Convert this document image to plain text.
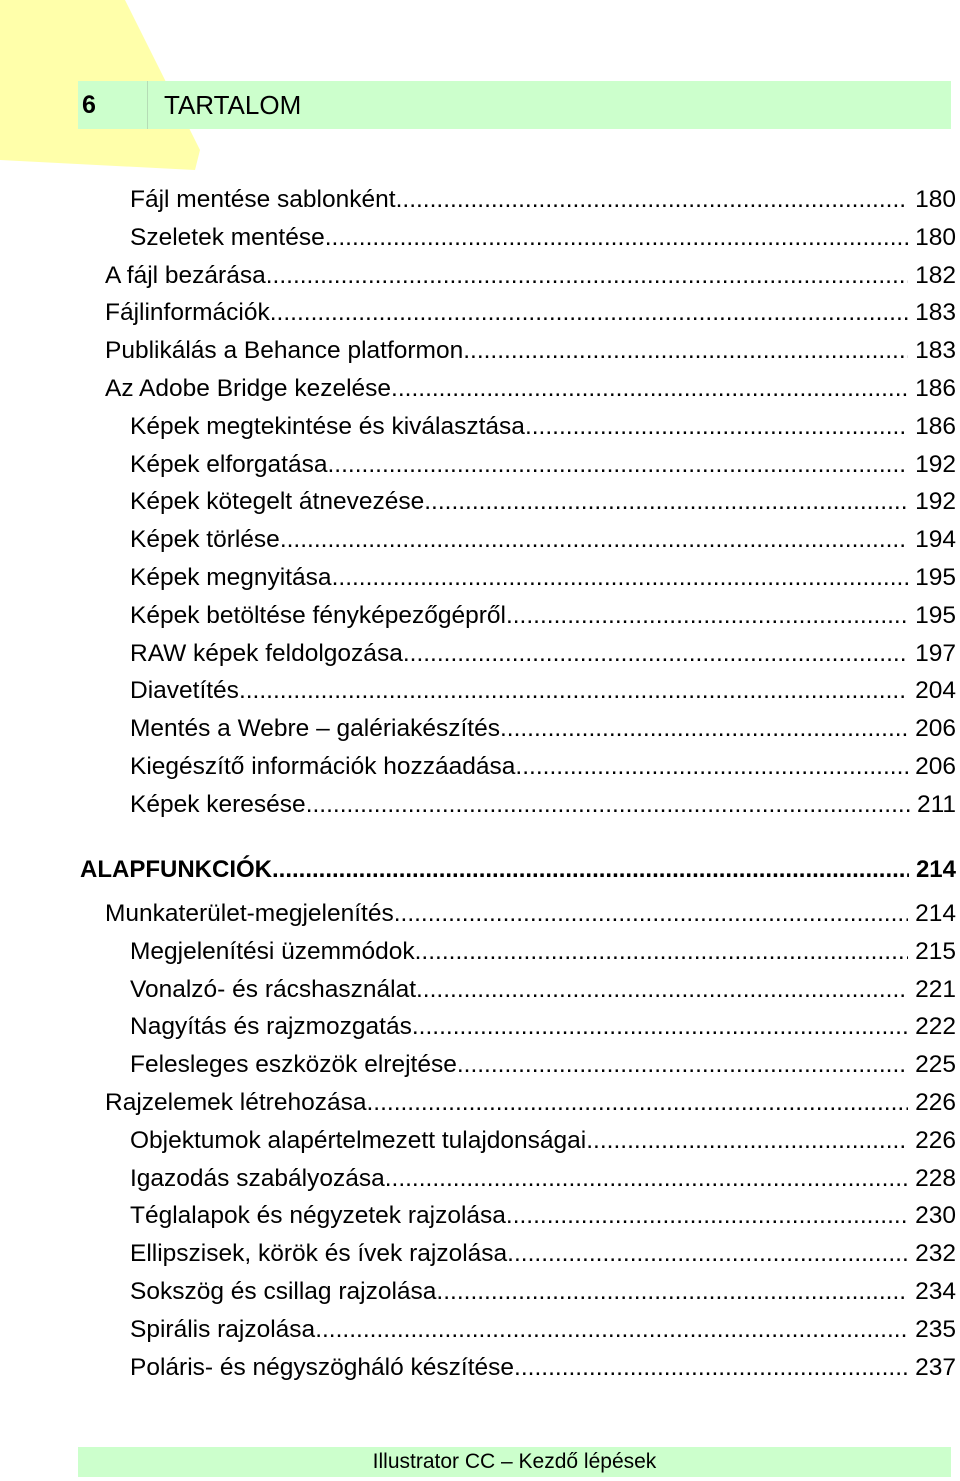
6	TARTALOM
Fájl mentése sablonként .....	180
Szeletek mentése .....	180
A fájl bezárása .....	182
Fájlinformációk .....	183
Publikálás a Behance platformon .....	183
Az Adobe Bridge kezelése .....	186
Képek megtekintése és kiválasztása .....	186
Képek elforgatása .....	192
Képek kötegelt átnevezése .....	192
Képek törlése .....	194
Képek megnyitása .....	195
Képek betöltése fényképezőgépről .....	195
RAW képek feldolgozása .....	197
Diavetítés .....	204
Mentés a Webre – galériakészítés .....	206
Kiegészítő információk hozzáadása .....	206
Képek keresése .....	211
ALAPFUNKCIÓK .....	214
Munkaterület-megjelenítés .....	214
Megjelenítési üzemmódok .....	215
Vonalzó- és rácshasználat .....	221
Nagyítás és rajzmozgatás .....	222
Felesleges eszközök elrejtése .....	225
Rajzelemek létrehozása .....	226
Objektumok alapértelmezett tulajdonságai .....	226
Igazodás szabályozása .....	228
Téglalapok és négyzetek rajzolása .....	230
Ellipszisek, körök és ívek rajzolása .....	232
Sokszög és csillag rajzolása .....	234
Spirális rajzolása .....	235
Poláris- és négyszögháló készítése .....	237
Illustrator CC – Kezdő lépések
